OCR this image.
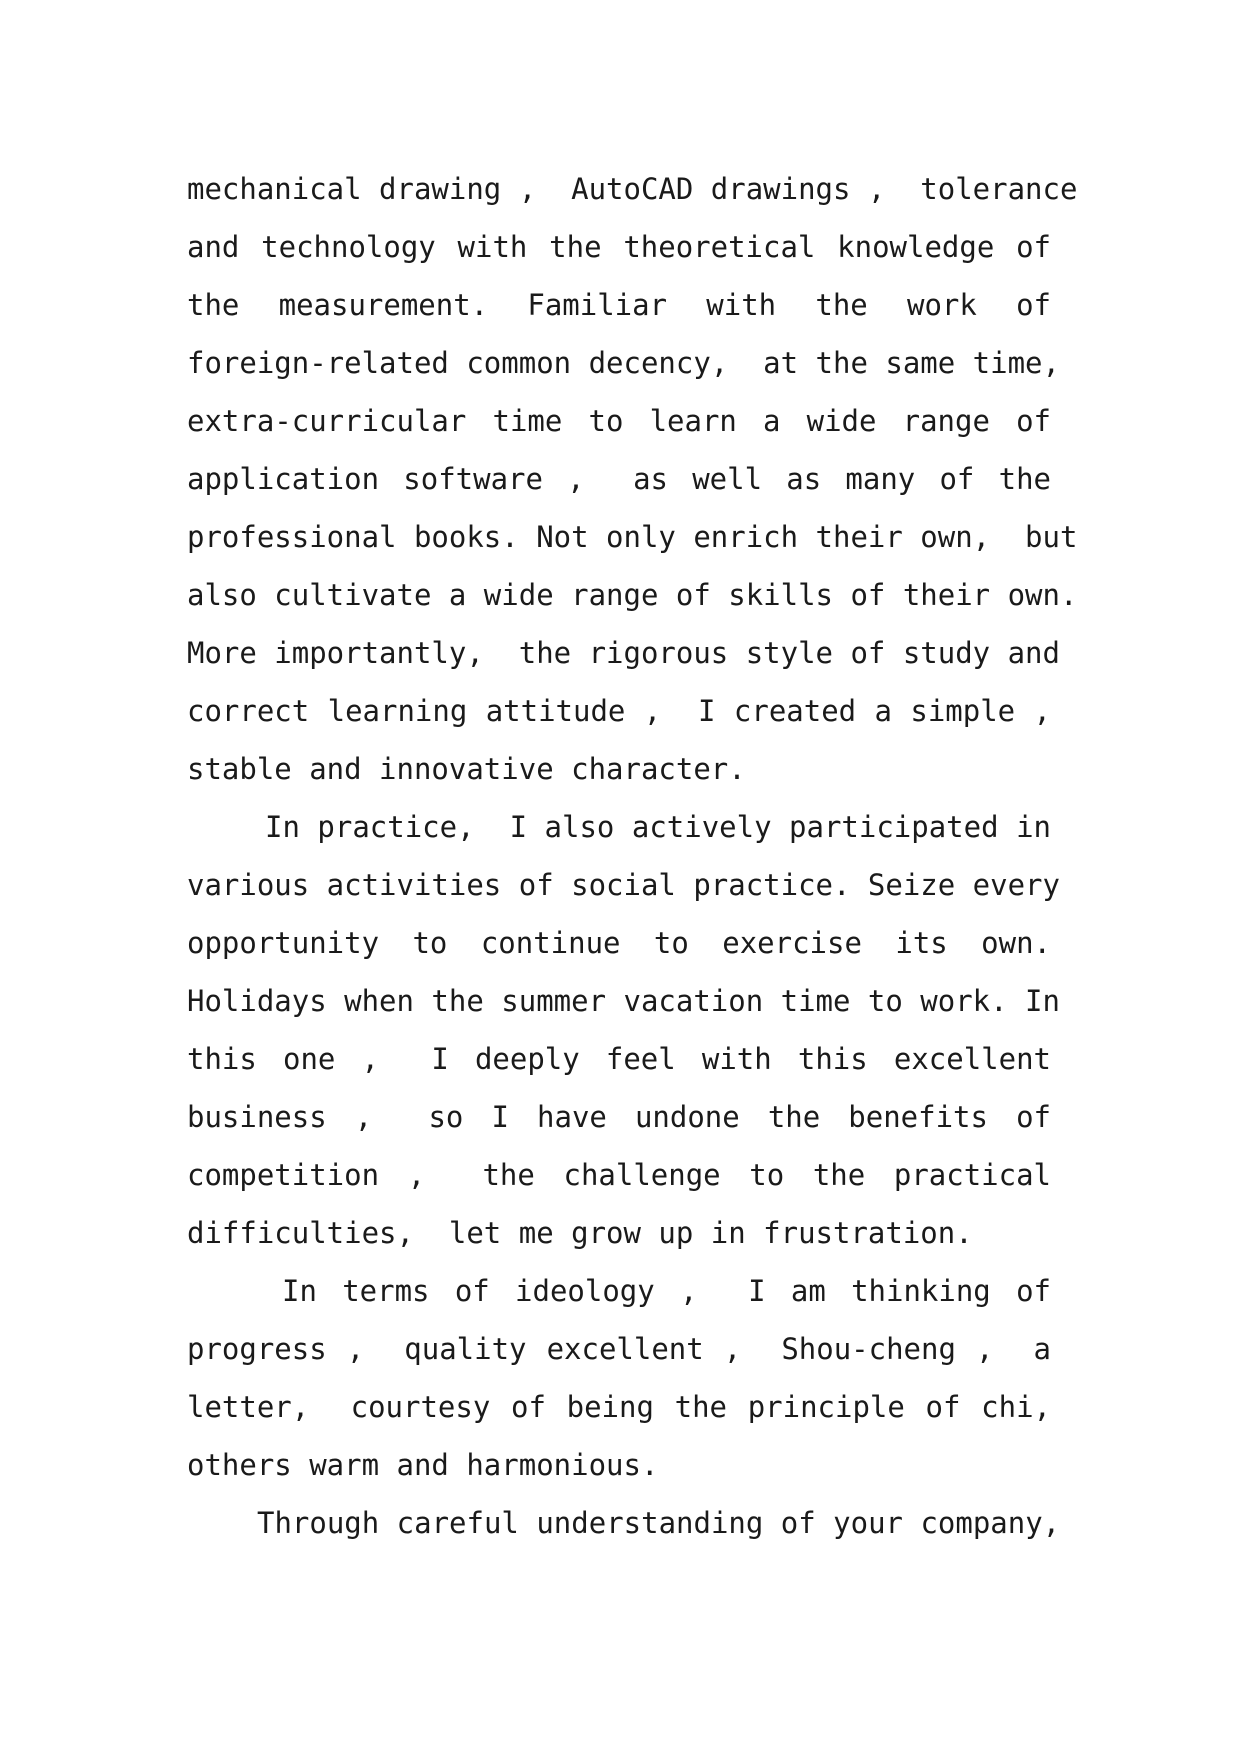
mechanical drawing ,  AutoCAD drawings ,  tolerance
and technology with the theoretical knowledge of
the measurement. Familiar with the work of
foreign-related common decency,  at the same time,
extra-curricular time to learn a wide range of
application software ,  as well as many of the
professional books. Not only enrich their own,  but
also cultivate a wide range of skills of their own.
More importantly,  the rigorous style of study and
correct learning attitude ,  I created a simple ,
stable and innovative character.
In practice,  I also actively participated in
various activities of social practice. Seize every
opportunity to continue to exercise its own.
Holidays when the summer vacation time to work. In
this one ,  I deeply feel with this excellent
business ,  so I have undone the benefits of
competition ,  the challenge to the practical
difficulties,  let me grow up in frustration.
In terms of ideology ,  I am thinking of
progress ,  quality excellent ,  Shou-cheng ,  a
letter,  courtesy of being the principle of chi,
others warm and harmonious.
Through careful understanding of your company,
